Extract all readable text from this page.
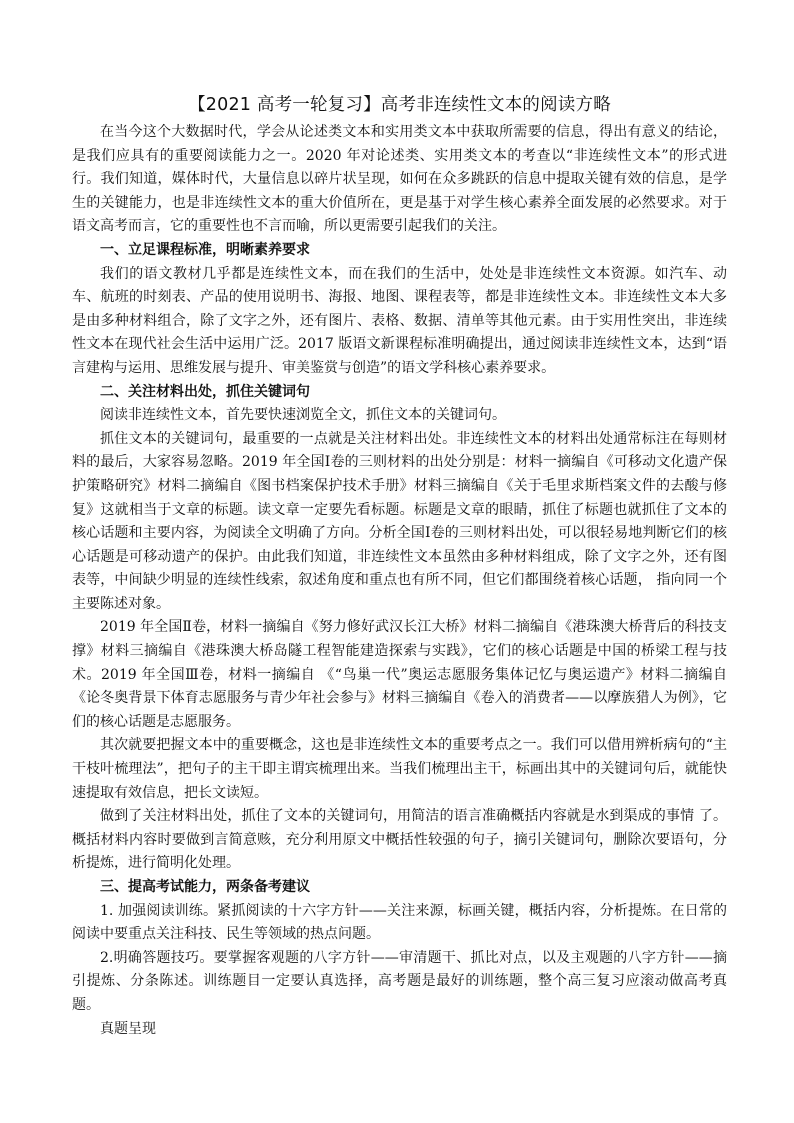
【2021 高考一轮复习】高考非连续性文本的阅读方略

在当今这个大数据时代，学会从论述类文本和实用类文本中获取所需要的信息，得出有意义的结论，是我们应具有的重要阅读能力之一。2020 年对论述类、实用类文本的考查以“非连续性文本”的形式进行。我们知道，媒体时代，大量信息以碎片状呈现，如何在众多跳跃的信息中提取关键有效的信息，是学生的关键能力，也是非连续性文本的重大价值所在，更是基于对学生核心素养全面发展的必然要求。对于语文高考而言，它的重要性也不言而喻，所以更需要引起我们的关注。

一、立足课程标准，明晰素养要求

我们的语文教材几乎都是连续性文本，而在我们的生活中，处处是非连续性文本资源。如汽车、动车、航班的时刻表、产品的使用说明书、海报、地图、课程表等，都是非连续性文本。非连续性文本大多是由多种材料组合，除了文字之外，还有图片、表格、数据、清单等其他元素。由于实用性突出，非连续性文本在现代社会生活中运用广泛。2017 版语文新课程标准明确提出，通过阅读非连续性文本，达到“语言建构与运用、思维发展与提升、审美鉴赏与创造”的语文学科核心素养要求。

二、关注材料出处，抓住关键词句

阅读非连续性文本，首先要快速浏览全文，抓住文本的关键词句。

抓住文本的关键词句，最重要的一点就是关注材料出处。非连续性文本的材料出处通常标注在每则材料的最后，大家容易忽略。2019 年全国Ⅰ卷的三则材料的出处分别是：材料一摘编自《可移动文化遗产保护策略研究》材料二摘编自《图书档案保护技术手册》材料三摘编自《关于毛里求斯档案文件的去酸与修复》这就相当于文章的标题。读文章一定要先看标题。标题是文章的眼睛，抓住了标题也就抓住了文本的核心话题和主要内容，为阅读全文明确了方向。分析全国Ⅰ卷的三则材料出处，可以很轻易地判断它们的核心话题是可移动遗产的保护。由此我们知道，非连续性文本虽然由多种材料组成，除了文字之外，还有图表等，中间缺少明显的连续性线索，叙述角度和重点也有所不同，但它们都围绕着核心话题， 指向同一个主要陈述对象。

2019 年全国Ⅱ卷，材料一摘编自《努力修好武汉长江大桥》材料二摘编自《港珠澳大桥背后的科技支撑》材料三摘编自《港珠澳大桥岛隧工程智能建造探索与实践》，它们的核心话题是中国的桥梁工程与技术。2019 年全国Ⅲ卷，材料一摘编自 《“鸟巢一代”奥运志愿服务集体记忆与奥运遗产》材料二摘编自《论冬奥背景下体育志愿服务与青少年社会参与》材料三摘编自《卷入的消费者——以摩族猎人为例》，它们的核心话题是志愿服务。

其次就要把握文本中的重要概念，这也是非连续性文本的重要考点之一。我们可以借用辨析病句的“主干枝叶梳理法”，把句子的主干即主谓宾梳理出来。当我们梳理出主干，标画出其中的关键词句后，就能快速提取有效信息，把长文读短。

做到了关注材料出处，抓住了文本的关键词句，用简洁的语言准确概括内容就是水到渠成的事情 了。概括材料内容时要做到言简意赅，充分利用原文中概括性较强的句子，摘引关键词句，删除次要语句，分析提炼，进行简明化处理。

三、提高考试能力，两条备考建议

1. 加强阅读训练。紧抓阅读的十六字方针——关注来源，标画关键，概括内容，分析提炼。在日常的阅读中要重点关注科技、民生等领域的热点问题。

2.明确答题技巧。要掌握客观题的八字方针——审清题干、抓比对点，以及主观题的八字方针——摘引提炼、分条陈述。训练题目一定要认真选择，高考题是最好的训练题，整个高三复习应滚动做高考真题。

真题呈现
